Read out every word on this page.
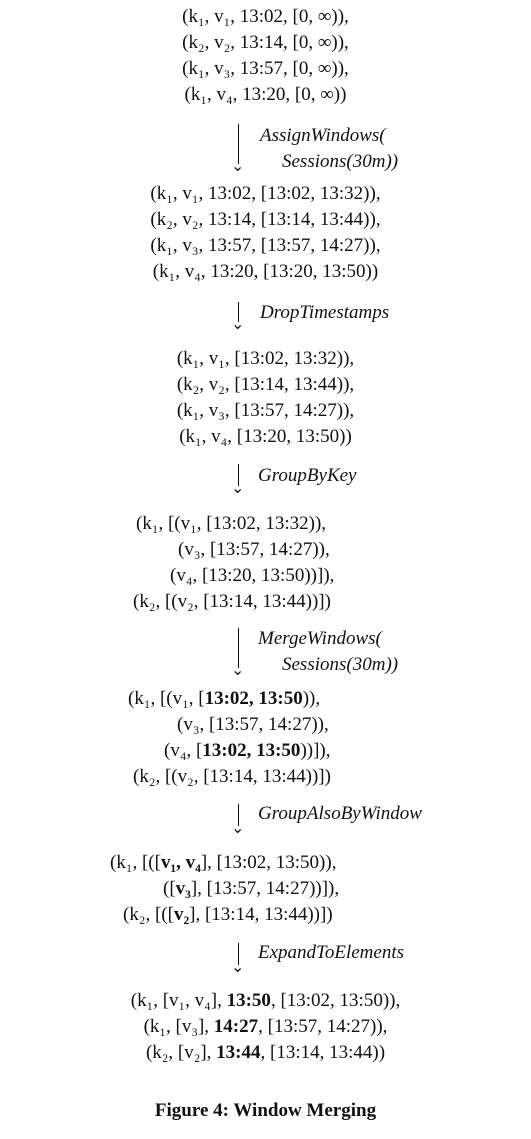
(k₁, v₁, 13:02, [0, ∞)),
(k₂, v₂, 13:14, [0, ∞)),
(k₁, v₃, 13:57, [0, ∞)),
(k₁, v₄, 13:20, [0, ∞))
⌄
AssignWindows(
Sessions(30m))
(k₁, v₁, 13:02, [13:02, 13:32)),
(k₂, v₂, 13:14, [13:14, 13:44)),
(k₁, v₃, 13:57, [13:57, 14:27)),
(k₁, v₄, 13:20, [13:20, 13:50))
⌄
DropTimestamps
(k₁, v₁, [13:02, 13:32)),
(k₂, v₂, [13:14, 13:44)),
(k₁, v₃, [13:57, 14:27)),
(k₁, v₄, [13:20, 13:50))
⌄
GroupByKey
(k₁, [(v₁, [13:02, 13:32)),
(v₃, [13:57, 14:27)),
(v₄, [13:20, 13:50))]),
(k₂, [(v₂, [13:14, 13:44))])
⌄
MergeWindows(
Sessions(30m))
(k₁, [(v₁, [13:02, 13:50)),
(v₃, [13:57, 14:27)),
(v₄, [13:02, 13:50))]),
(k₂, [(v₂, [13:14, 13:44))])
⌄
GroupAlsoByWindow
(k₁, [([v₁, v₄], [13:02, 13:50)),
([v₃], [13:57, 14:27))]),
(k₂, [([v₂], [13:14, 13:44))])
⌄
ExpandToElements
(k₁, [v₁, v₄], 13:50, [13:02, 13:50)),
(k₁, [v₃], 14:27, [13:57, 14:27)),
(k₂, [v₂], 13:44, [13:14, 13:44))
Figure 4: Window Merging
